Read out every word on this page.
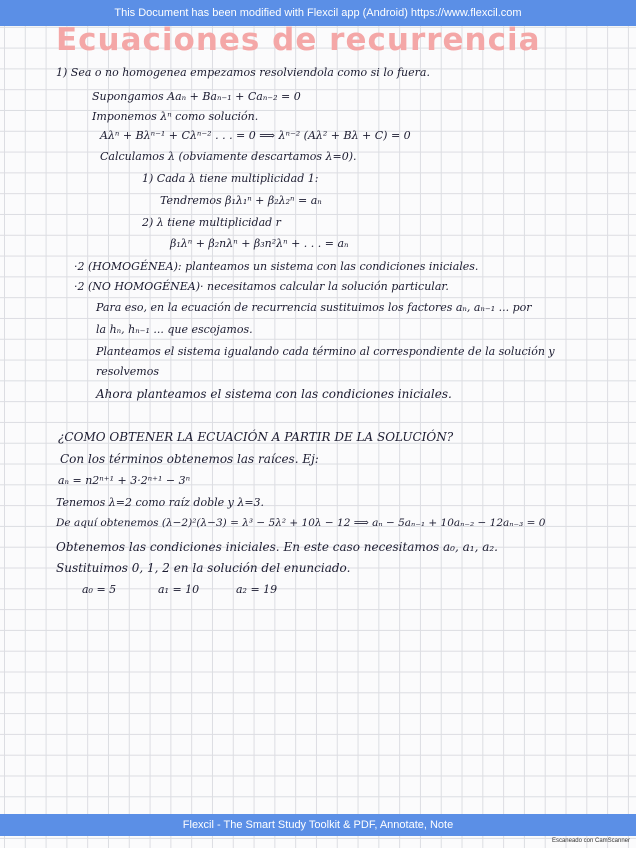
This Document has been modified with Flexcil app (Android) https://www.flexcil.com
Ecuaciones de recurrencia
1) Sea o no homogenea empezamos resolviendola como si lo fuera.
Supongamos Aaₙ + Baₙ₋₁ + Caₙ₋₂ = 0
Imponemos λⁿ como solución.
Aλⁿ + Bλⁿ⁻¹ + Cλⁿ⁻² . . . = 0 ⟹ λⁿ⁻² (Aλ² + Bλ + C) = 0
Calculamos λ (obviamente descartamos λ=0).
1) Cada λ tiene multiplicidad 1:
Tendremos β₁λ₁ⁿ + β₂λ₂ⁿ = aₙ
2) λ tiene multiplicidad r
β₁λⁿ + β₂nλⁿ + β₃n²λⁿ + . . . = aₙ
·2 (HOMOGÉNEA): planteamos un sistema con las condiciones iniciales.
·2 (NO HOMOGÉNEA)· necesitamos calcular la solución particular.
Para eso, en la ecuación de recurrencia sustituimos los factores aₙ, aₙ₋₁ ... por
la hₙ, hₙ₋₁ ... que escojamos.
Planteamos el sistema igualando cada término al correspondiente de la solución y
resolvemos
Ahora planteamos el sistema con las condiciones iniciales.
¿COMO OBTENER LA ECUACIÓN A PARTIR DE LA SOLUCIÓN?
Con los términos obtenemos las raíces. Ej:
aₙ = n2ⁿ⁺¹ + 3·2ⁿ⁺¹ − 3ⁿ
Tenemos λ=2 como raíz doble y λ=3.
De aquí obtenemos (λ−2)²(λ−3) = λ³ − 5λ² + 10λ − 12 ⟹ aₙ − 5aₙ₋₁ + 10aₙ₋₂ − 12aₙ₋₃ = 0
Obtenemos las condiciones iniciales. En este caso necesitamos a₀, a₁, a₂.
Sustituimos 0, 1, 2 en la solución del enunciado.
a₀ = 5	a₁ = 10	a₂ = 19
Flexcil - The Smart Study Toolkit & PDF, Annotate, Note
Escaneado con CamScanner
